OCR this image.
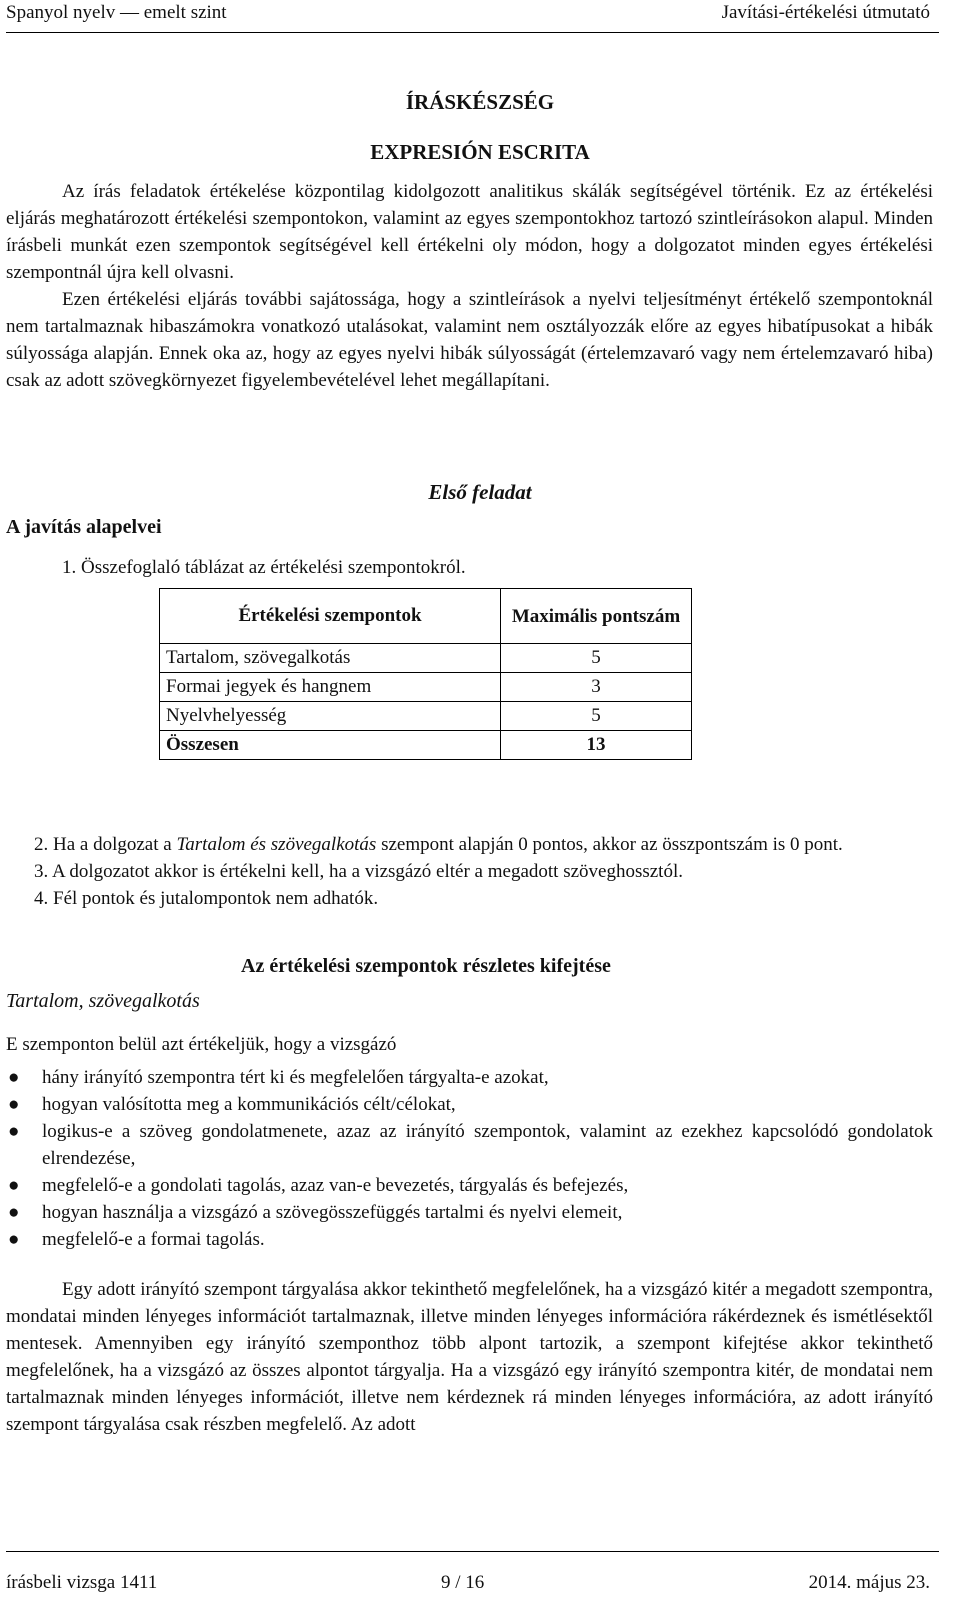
Spanyol nyelv — emelt szint	Javítási-értékelési útmutató
ÍRÁSKÉSZSÉG
EXPRESIÓN ESCRITA

Az írás feladatok értékelése központilag kidolgozott analitikus skálák segítségével történik. Ez az értékelési eljárás meghatározott értékelési szempontokon, valamint az egyes szempontokhoz tartozó szintleírásokon alapul. Minden írásbeli munkát ezen szempontok segítségével kell értékelni oly módon, hogy a dolgozatot minden egyes értékelési szempontnál újra kell olvasni.

Ezen értékelési eljárás további sajátossága, hogy a szintleírások a nyelvi teljesítményt értékelő szempontoknál nem tartalmaznak hibaszámokra vonatkozó utalásokat, valamint nem osztályozzák előre az egyes hibatípusokat a hibák súlyossága alapján. Ennek oka az, hogy az egyes nyelvi hibák súlyosságát (értelemzavaró vagy nem értelemzavaró hiba) csak az adott szövegkörnyezet figyelembevételével lehet megállapítani.

Első feladat
A javítás alapelvei
1. Összefoglaló táblázat az értékelési szempontokról.
Értékelési szempontok	Maximális pontszám
Tartalom, szövegalkotás	5
Formai jegyek és hangnem	3
Nyelvhelyesség	5
Összesen	13
2. Ha a dolgozat a Tartalom és szövegalkotás szempont alapján 0 pontos, akkor az összpontszám is 0 pont.
3. A dolgozatot akkor is értékelni kell, ha a vizsgázó eltér a megadott szöveghossztól.
4. Fél pontok és jutalompontok nem adhatók.
Az értékelési szempontok részletes kifejtése
Tartalom, szövegalkotás
E szemponton belül azt értékeljük, hogy a vizsgázó
● hány irányító szempontra tért ki és megfelelően tárgyalta-e azokat,
● hogyan valósította meg a kommunikációs célt/célokat,
● logikus-e a szöveg gondolatmenete, azaz az irányító szempontok, valamint az ezekhez kapcsolódó gondolatok elrendezése,
● megfelelő-e a gondolati tagolás, azaz van-e bevezetés, tárgyalás és befejezés,
● hogyan használja a vizsgázó a szövegösszefüggés tartalmi és nyelvi elemeit,
● megfelelő-e a formai tagolás.

Egy adott irányító szempont tárgyalása akkor tekinthető megfelelőnek, ha a vizsgázó kitér a megadott szempontra, mondatai minden lényeges információt tartalmaznak, illetve minden lényeges információra rákérdeznek és ismétlésektől mentesek. Amennyiben egy irányító szemponthoz több alpont tartozik, a szempont kifejtése akkor tekinthető megfelelőnek, ha a vizsgázó az összes alpontot tárgyalja. Ha a vizsgázó egy irányító szempontra kitér, de mondatai nem tartalmaznak minden lényeges információt, illetve nem kérdeznek rá minden lényeges információra, az adott irányító szempont tárgyalása csak részben megfelelő. Az adott

írásbeli vizsga 1411	9 / 16	2014. május 23.
